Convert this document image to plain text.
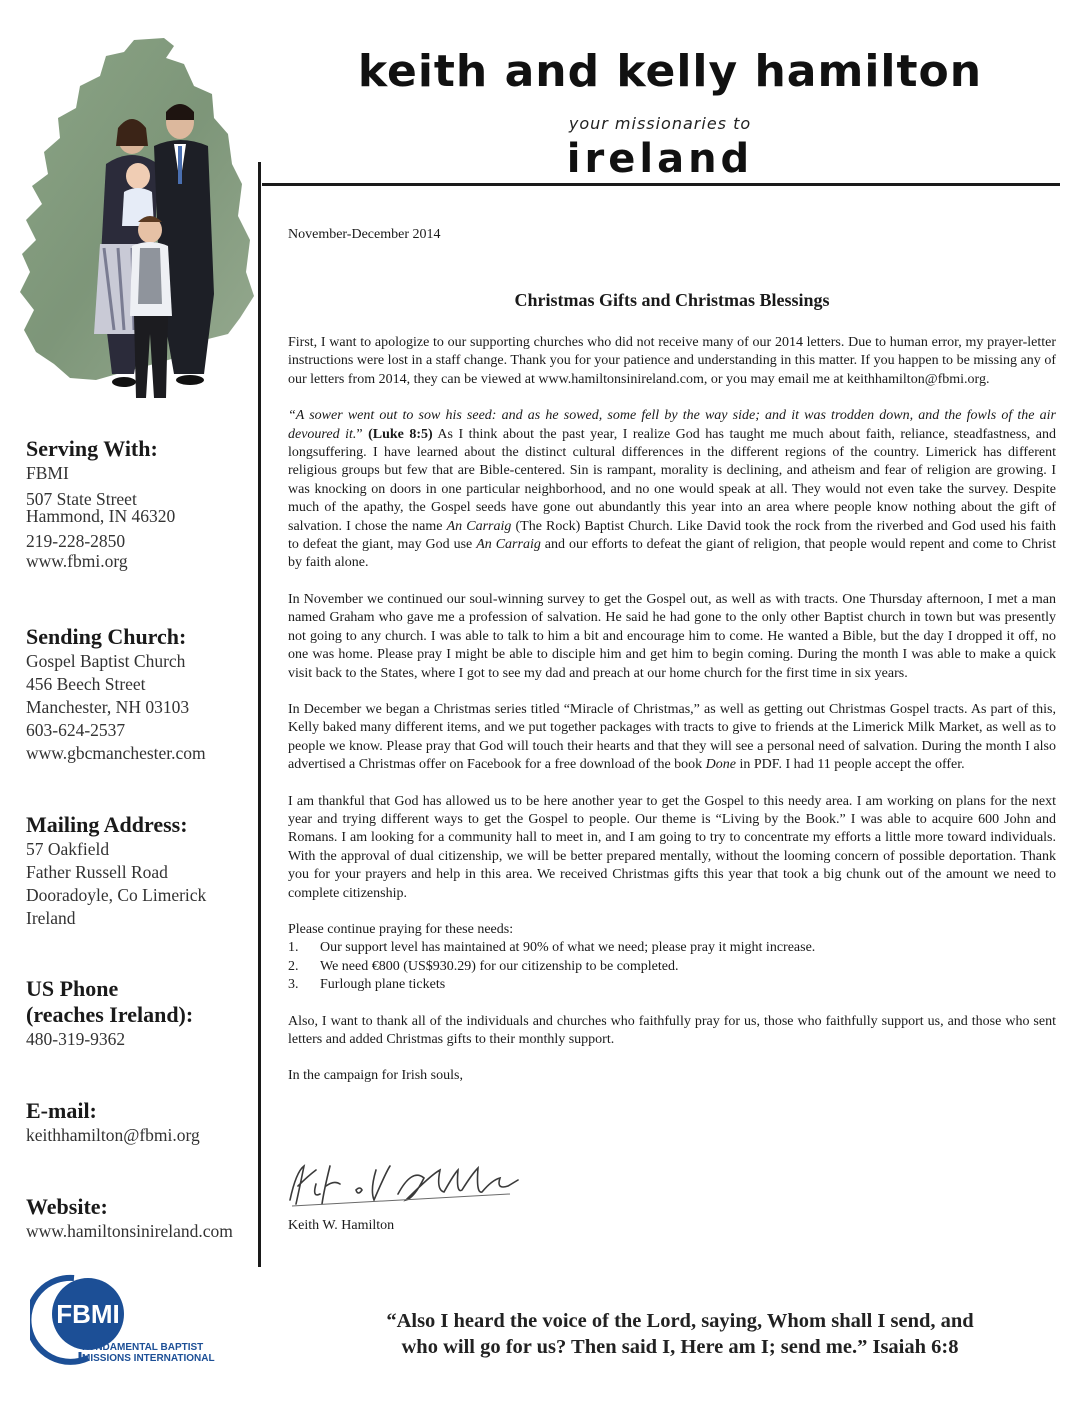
keith and kelly hamilton
your missionaries to
ireland
Serving With:
FBMI
507 State Street
Hammond, IN 46320
219-228-2850
www.fbmi.org
Sending Church:
Gospel Baptist Church
456 Beech Street
Manchester, NH 03103
603-624-2537
www.gbcmanchester.com
Mailing Address:
57 Oakfield
Father Russell Road
Dooradoyle, Co Limerick
Ireland
US Phone
(reaches Ireland):
480-319-9362
E-mail:
keithhamilton@fbmi.org
Website:
www.hamiltonsinireland.com
November-December 2014
Christmas Gifts and Christmas Blessings

First, I want to apologize to our supporting churches who did not receive many of our 2014 letters. Due to human error, my prayer-letter instructions were lost in a staff change. Thank you for your patience and understanding in this matter. If you happen to be missing any of our letters from 2014, they can be viewed at www.hamiltonsinireland.com, or you may email me at keithhamilton@fbmi.org.

“A sower went out to sow his seed: and as he sowed, some fell by the way side; and it was trodden down, and the fowls of the air devoured it.” (Luke 8:5) As I think about the past year, I realize God has taught me much about faith, reliance, steadfastness, and longsuffering. I have learned about the distinct cultural differences in the different regions of the country. Limerick has different religious groups but few that are Bible-centered. Sin is rampant, morality is declining, and atheism and fear of religion are growing. I was knocking on doors in one particular neighborhood, and no one would speak at all. They would not even take the survey. Despite much of the apathy, the Gospel seeds have gone out abundantly this year into an area where people know nothing about the gift of salvation. I chose the name An Carraig (The Rock) Baptist Church. Like David took the rock from the riverbed and God used his faith to defeat the giant, may God use An Carraig and our efforts to defeat the giant of religion, that people would repent and come to Christ by faith alone.

In November we continued our soul-winning survey to get the Gospel out, as well as with tracts. One Thursday afternoon, I met a man named Graham who gave me a profession of salvation. He said he had gone to the only other Baptist church in town but was presently not going to any church. I was able to talk to him a bit and encourage him to come. He wanted a Bible, but the day I dropped it off, no one was home. Please pray I might be able to disciple him and get him to begin coming. During the month I was able to make a quick visit back to the States, where I got to see my dad and preach at our home church for the first time in six years.

In December we began a Christmas series titled “Miracle of Christmas,” as well as getting out Christmas Gospel tracts. As part of this, Kelly baked many different items, and we put together packages with tracts to give to friends at the Limerick Milk Market, as well as to people we know. Please pray that God will touch their hearts and that they will see a personal need of salvation. During the month I also advertised a Christmas offer on Facebook for a free download of the book Done in PDF. I had 11 people accept the offer.

I am thankful that God has allowed us to be here another year to get the Gospel to this needy area. I am working on plans for the next year and trying different ways to get the Gospel to people. Our theme is “Living by the Book.” I was able to acquire 600 John and Romans. I am looking for a community hall to meet in, and I am going to try to concentrate my efforts a little more toward individuals. With the approval of dual citizenship, we will be better prepared mentally, without the looming concern of possible deportation. Thank you for your prayers and help in this area. We received Christmas gifts this year that took a big chunk out of the amount we need to complete citizenship.

Please continue praying for these needs:
1.	Our support level has maintained at 90% of what we need; please pray it might increase.
2.	We need €800 (US$930.29) for our citizenship to be completed.
3.	Furlough plane tickets

Also, I want to thank all of the individuals and churches who faithfully pray for us, those who faithfully support us, and those who sent letters and added Christmas gifts to their monthly support.

In the campaign for Irish souls,
Keith W. Hamilton
FBMI
FUNDAMENTAL BAPTIST
MISSIONS INTERNATIONAL
“Also I heard the voice of the Lord, saying, Whom shall I send, and
who will go for us? Then said I, Here am I; send me.” Isaiah 6:8
